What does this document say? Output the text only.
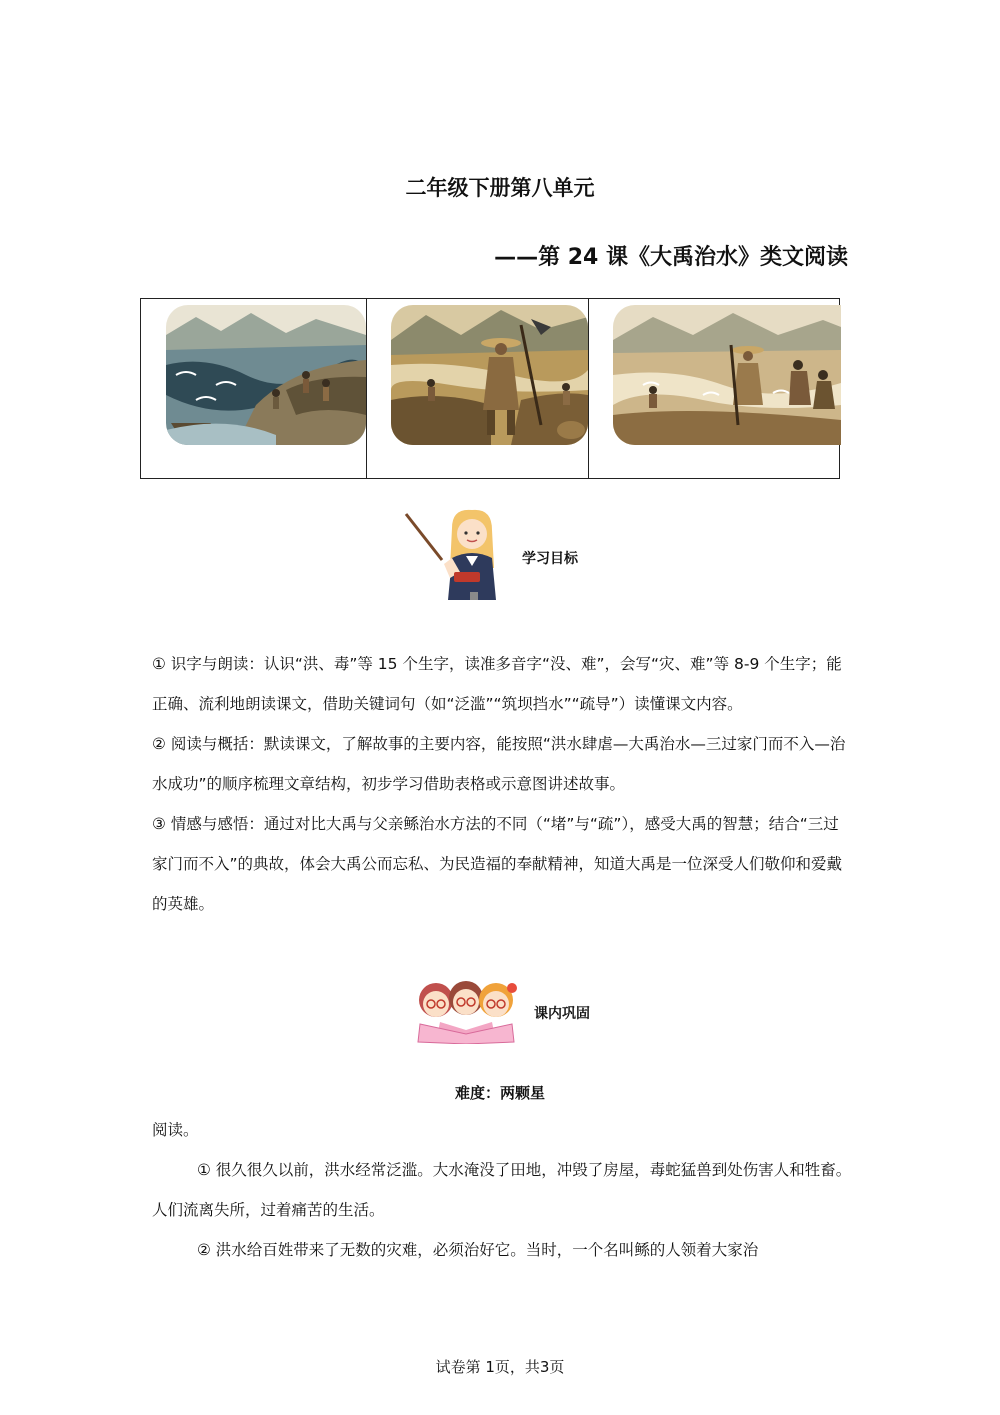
二年级下册第八单元
——第 24 课《大禹治水》类文阅读
学习目标

① 识字与朗读：认识“洪、毒”等 15 个生字，读准多音字“没、难”，会写“灾、难”等 8-9 个生字；能正确、流利地朗读课文，借助关键词句（如“泛滥”“筑坝挡水”“疏导”）读懂课文内容。

② 阅读与概括：默读课文，了解故事的主要内容，能按照“洪水肆虐—大禹治水—三过家门而不入—治水成功”的顺序梳理文章结构，初步学习借助表格或示意图讲述故事。

③ 情感与感悟：通过对比大禹与父亲鲧治水方法的不同（“堵”与“疏”），感受大禹的智慧；结合“三过家门而不入”的典故，体会大禹公而忘私、为民造福的奉献精神，知道大禹是一位深受人们敬仰和爱戴的英雄。

课内巩固
难度：两颗星

阅读。

① 很久很久以前，洪水经常泛滥。大水淹没了田地，冲毁了房屋，毒蛇猛兽到处伤害人和牲畜。人们流离失所，过着痛苦的生活。

② 洪水给百姓带来了无数的灾难，必须治好它。当时，一个名叫鲧的人领着大家治

试卷第 1页，共3页
